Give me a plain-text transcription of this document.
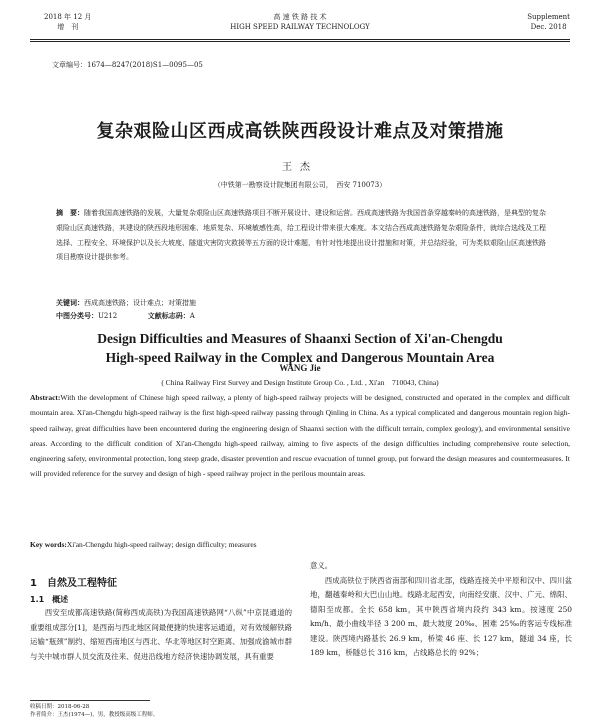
2018 年 12 月
增　刊
高 速 铁 路 技 术
HIGH SPEED RAILWAY TECHNOLOGY
Supplement
Dec. 2018
文章编号：1674—8247(2018)S1—0095—05
复杂艰险山区西成高铁陕西段设计难点及对策措施
王杰
（中铁第一勘察设计院集团有限公司，　西安 710073）
摘　要：随着我国高速铁路的发展，大量复杂艰险山区高速铁路项目不断开展设计、建设和运营。西成高速铁路为我国首条穿越秦岭的高速铁路，是典型的复杂艰险山区高速铁路，其建设的陕西段地形困难、地质复杂、环境敏感性高，给工程设计带来很大难度。本文结合西成高速铁路复杂艰险条件，就综合选线及工程选择、工程安全、环境保护以及长大坡度、隧道灾害防灾救援等五方面的设计难题，有针对性地提出设计措施和对策，并总结经验，可为类似艰险山区高速铁路项目勘察设计提供参考。
关键词：西成高速铁路；设计难点；对策措施
中图分类号：U212	文献标志码：A
Design Difficulties and Measures of Shaanxi Section of Xi'an-Chengdu
High-speed Railway in the Complex and Dangerous Mountain Area
WANG Jie
( China Railway First Survey and Design Institute Group Co. , Ltd. , Xi'an　710043, China)
Abstract:With the development of Chinese high speed railway, a plenty of high-speed railway projects will be designed, constructed and operated in the complex and difficult mountain area. Xi'an-Chengdu high-speed railway is the first high-speed railway passing through Qinling in China. As a typical complicated and dangerous mountain region high-speed railway, great difficulties have been encountered during the engineering design of Shaanxi section with the difficult terrain, complex geology), and environmental sensitive areas. According to the difficult condition of Xi'an-Chengdu high-speed railway, aiming to five aspects of the design difficulties including comprehensive route selection, engineering safety, environmental protection, long steep grade, disaster prevention and rescue evacuation of tunnel group, put forward the design measures and countermeasures. It will provided reference for the survey and design of high - speed railway project in the perilous mountain areas.
Key words:Xi'an-Chengdu high-speed railway; design difficulty; measures
1　自然及工程特征
1.1　概述
西安至成都高速铁路(简称西成高铁)为我国高速铁路网“八纵”中京昆通道的重要组成部分[1]，是西南与西北地区间最便捷的快速客运通道，对有效缓解铁路运输“瓶颈”制约、缩短西南地区与西北、华北等地区时空距离、加强成渝城市群与关中城市群人员交流及往来、促进沿线地方经济快速协调发展，具有重要
意义。
西成高铁位于陕西省南部和四川省北部，线路连接关中平原和汉中、四川盆地，翻越秦岭和大巴山山地。线路北起西安，向南经安康、汉中、广元、绵阳、德阳至成都。全长 658 km，其中陕西省境内段约 343 km。按速度 250 km/h、最小曲线半径 3 200 m、最大坡度 20‰、困难 25‰的客运专线标准建设。陕西境内路基长 26.9 km，桥梁 46 座、长 127 km，隧道 34 座，长 189 km，桥隧总长 316 km，占线路总长的 92%；
收稿日期：2018-06-28
作者简介：王杰(1974—)，男，教授级高级工程师。
